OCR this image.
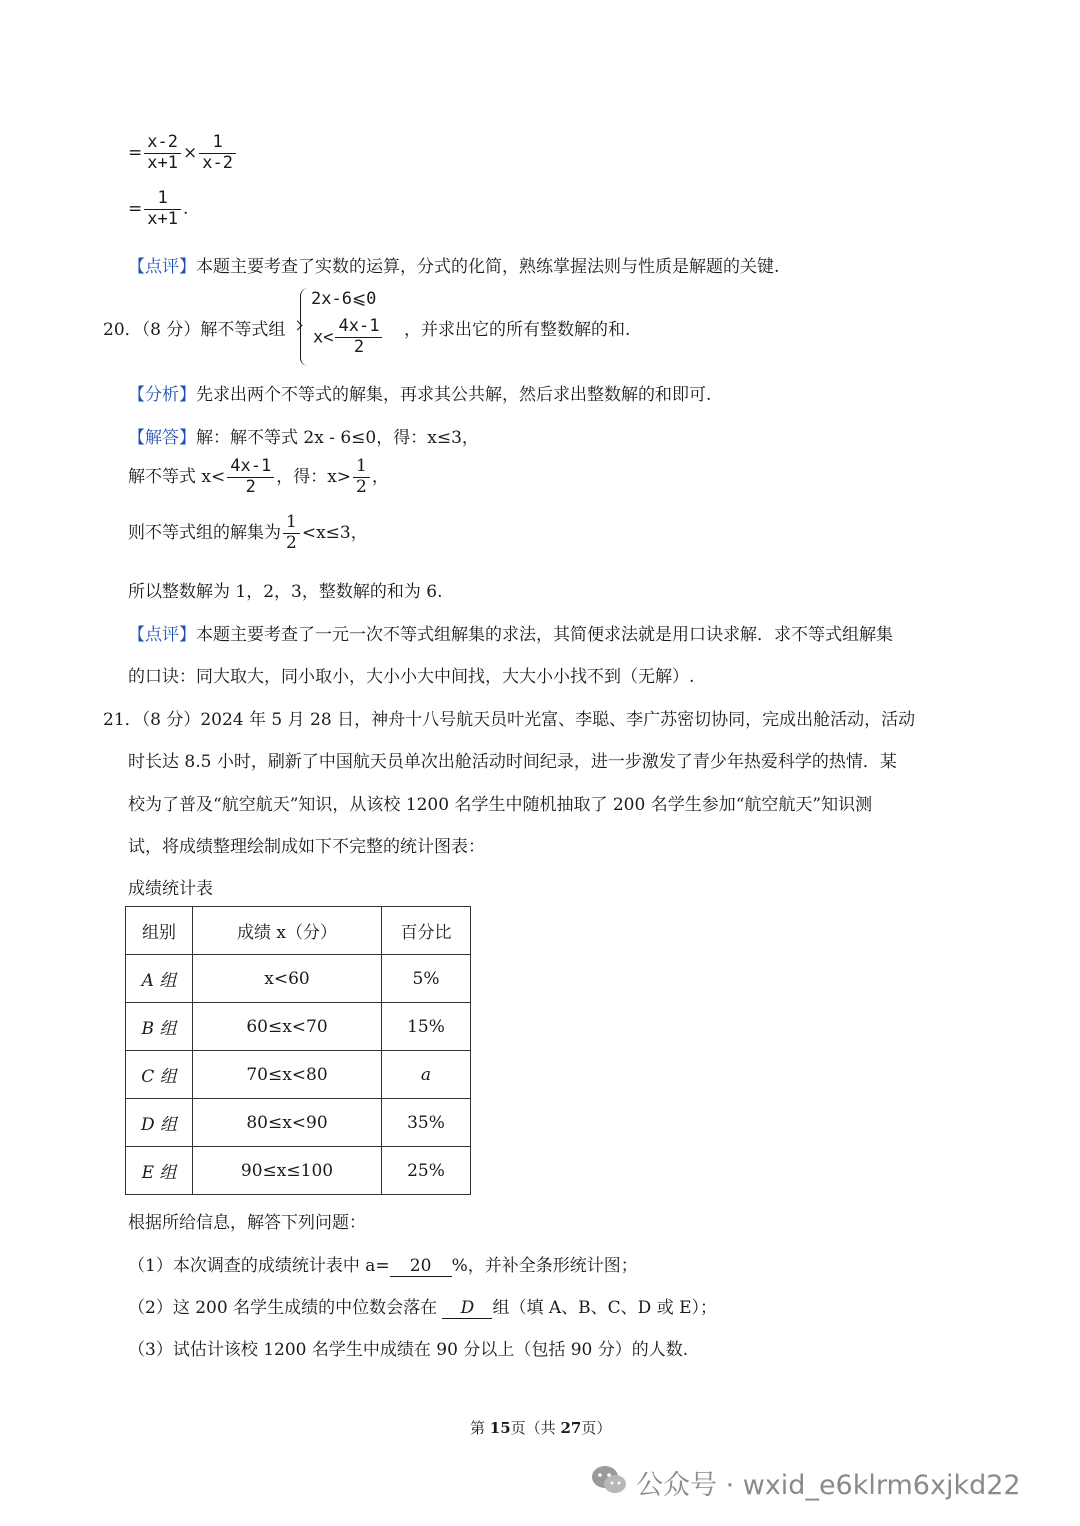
= $\frac{x-2}{x+1} \times \frac{1}{x-2}$
= $\frac{1}{x+1}$ .
【点评】本题主要考查了实数的运算，分式的化简，熟练掌握法则与性质是解题的关键.
20．（8 分）解不等式组
2x-6⩽0
$x< \frac{4x-1}{2}$ ，并求出它的所有整数解的和.
【分析】先求出两个不等式的解集，再求其公共解，然后求出整数解的和即可.
【解答】解：解不等式 2x - 6≤0，得：x≤3，
解不等式 $x< \frac{4x-1}{2}$ ，得：$x> \frac{1}{2}$ ，
则不等式组的解集为 $\frac{1}{2} <x\le 3$，
所以整数解为 1，2，3，整数解的和为 6.
【点评】本题主要考查了一元一次不等式组解集的求法，其简便求法就是用口诀求解．求不等式组解集
的口诀：同大取大，同小取小，大小小大中间找，大大小小找不到（无解）.
21．（8 分）2024 年 5 月 28 日，神舟十八号航天员叶光富、李聪、李广苏密切协同，完成出舱活动，活动
时长达 8.5 小时，刷新了中国航天员单次出舱活动时间纪录，进一步激发了青少年热爱科学的热情．某
校为了普及“航空航天”知识，从该校 1200 名学生中随机抽取了 200 名学生参加“航空航天”知识测
试，将成绩整理绘制成如下不完整的统计图表：
成绩统计表
组别	成绩 x（分）	百分比
A 组	x<60	5%
B 组	60≤x<70	15%
C 组	70≤x<80	a
D 组	80≤x<90	35%
E 组	90≤x≤100	25%
根据所给信息，解答下列问题：
（1）本次调查的成绩统计表中 a= 20 %，并补全条形统计图；
（2）这 200 名学生成绩的中位数会落在 D 组（填 A、B、C、D 或 E）；
（3）试估计该校 1200 名学生中成绩在 90 分以上（包括 90 分）的人数.
第 15页（共 27页）
公众号 · wxid_e6klrm6xjkd22
